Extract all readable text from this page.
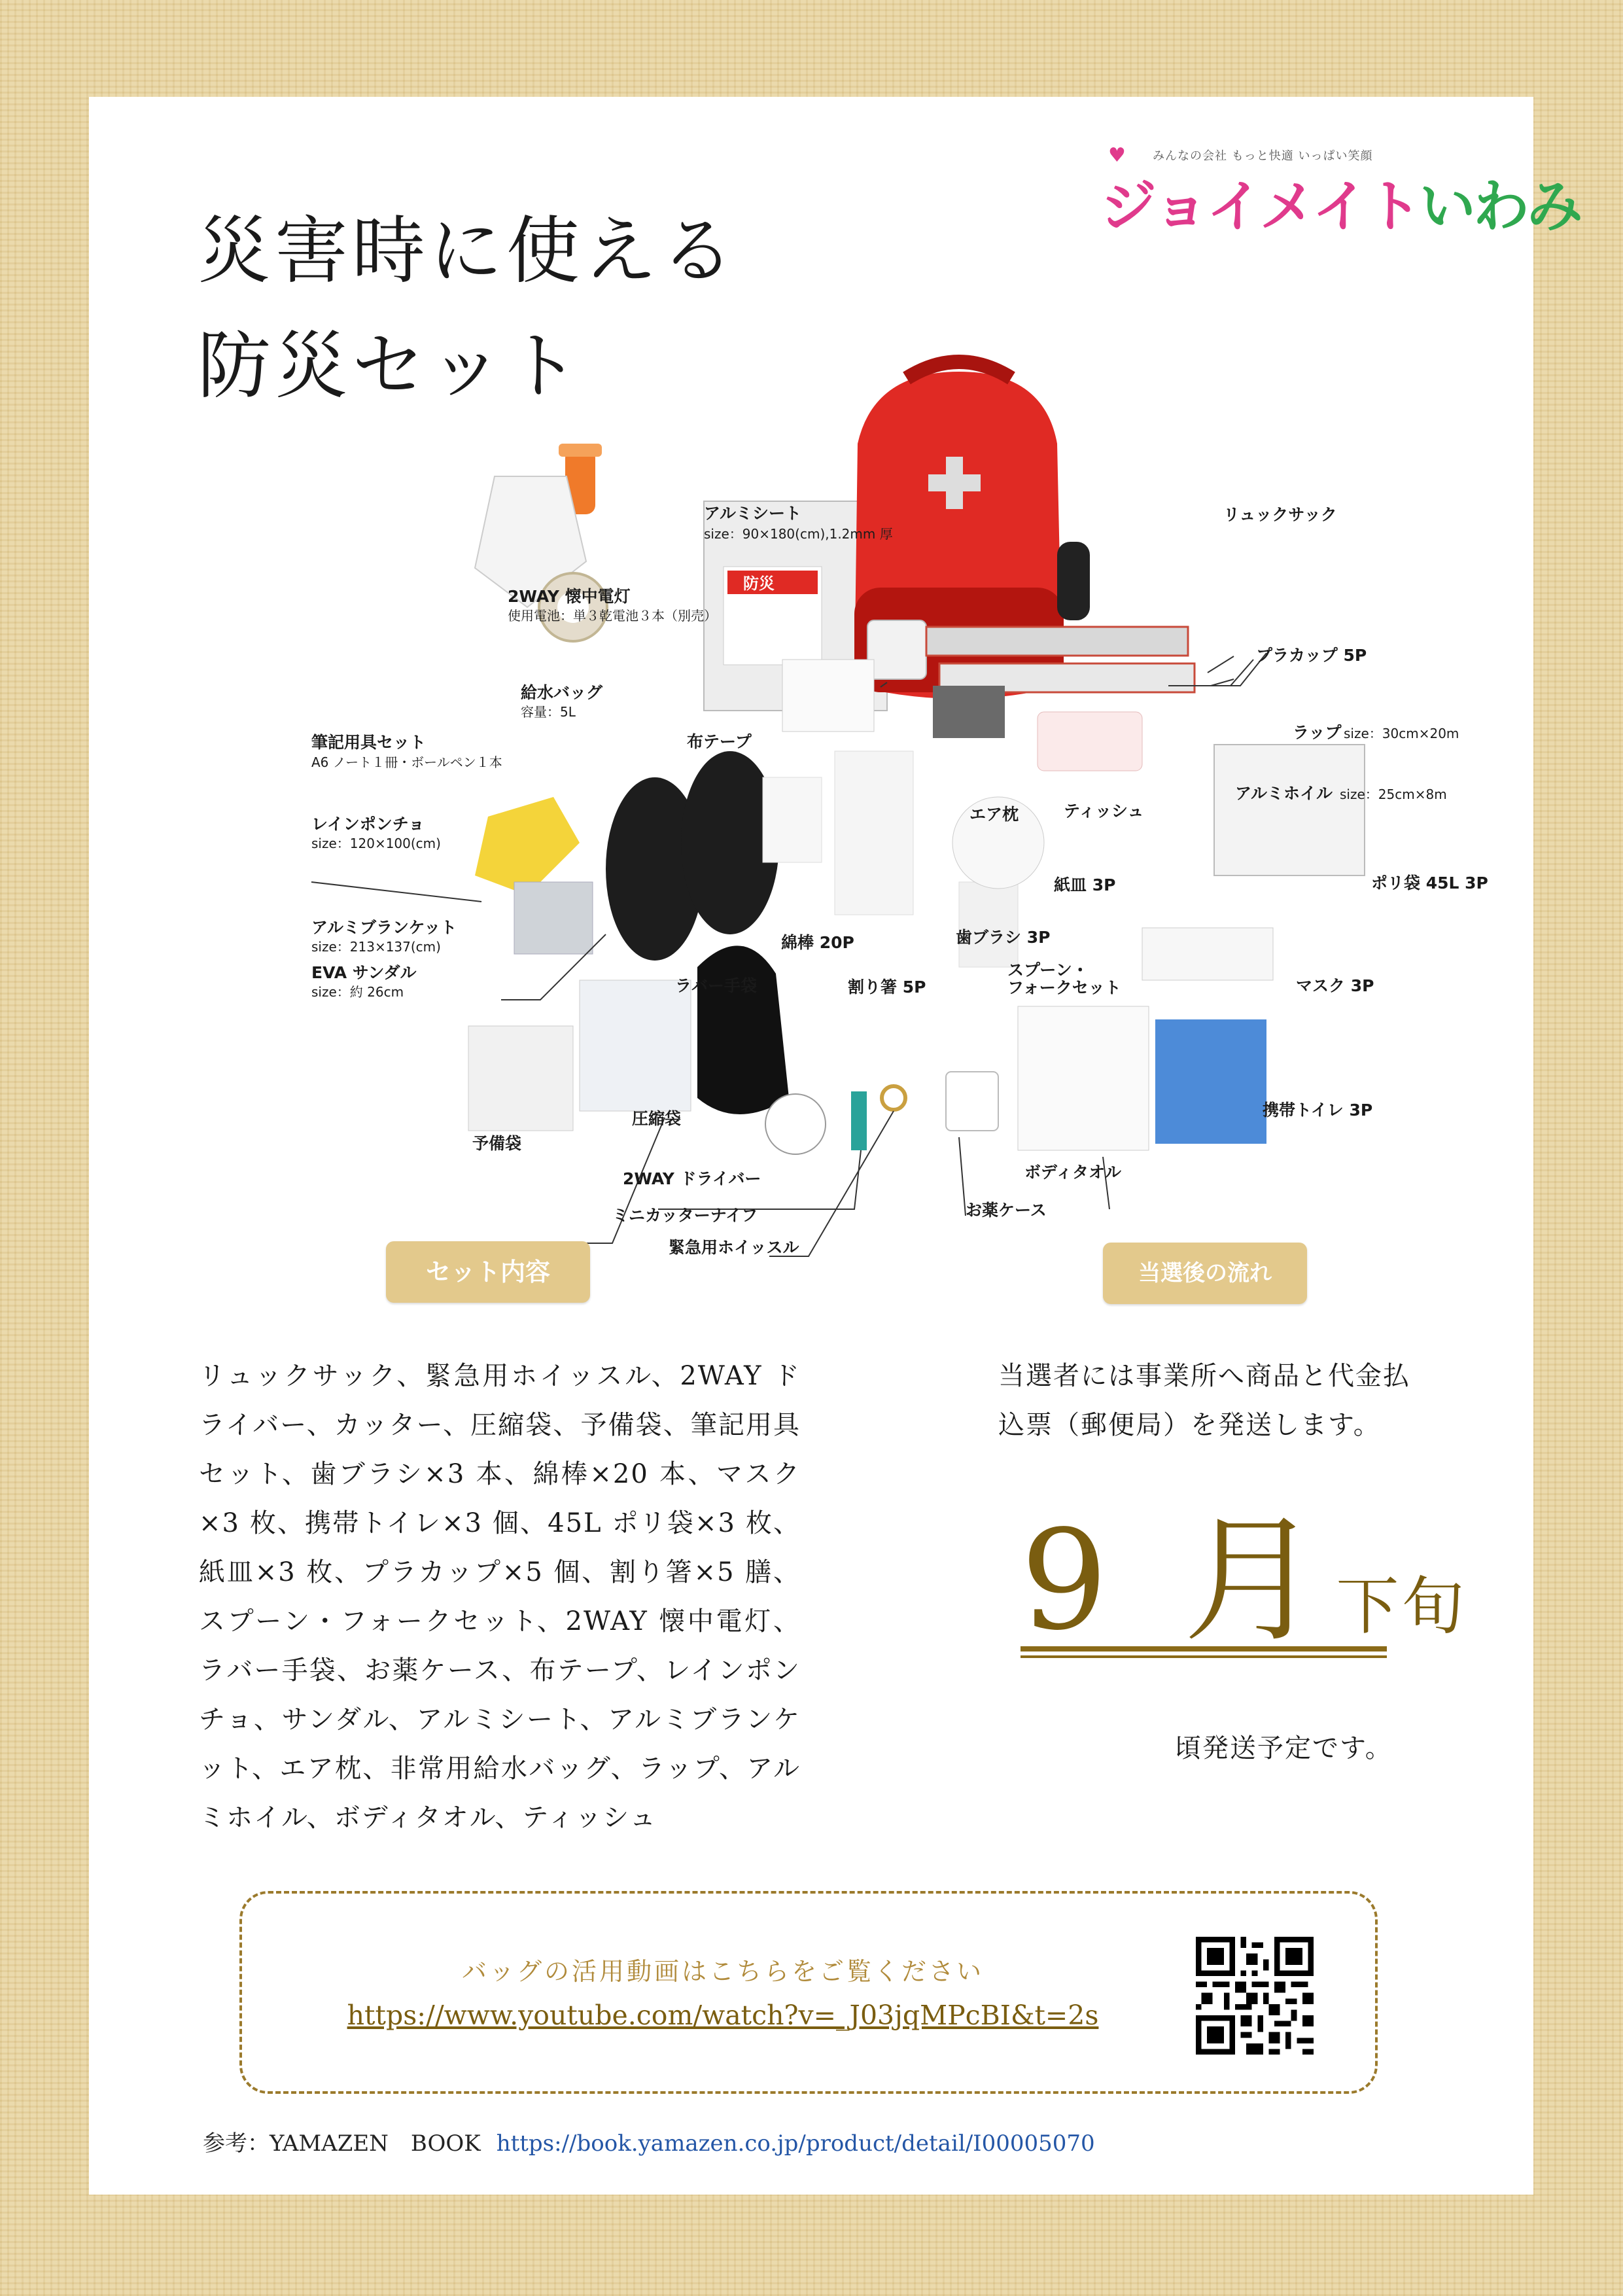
♥ みんなの会社 もっと快適 いっぱい笑顔
ジョイメイトいわみ
災害時に使える
防災セット
防災
アルミシート
size：90×180(cm),1.2mm 厚
リュックサック
2WAY 懐中電灯
使用電池：単３乾電池３本（別売）
プラカップ 5P
給水バッグ
容量：5L
布テープ	ラップ size：30cm×20m
筆記用具セット
A6 ノート１冊・ボールペン１本
エア枕	ティッシュ
アルミホイル size：25cm×8m
レインポンチョ
size：120×100(cm)
紙皿 3P	ポリ袋 45L 3P
アルミブランケット
size：213×137(cm)	綿棒 20P	歯ブラシ 3P
EVA サンダル
size：約 26cm	ラバー手袋	割り箸 5P
スプーン・
フォークセット	マスク 3P
予備袋
圧縮袋	携帯トイレ 3P
2WAY ドライバー	ボディタオル
ミニカッターナイフ	お薬ケース
緊急用ホイッスル
セット内容	当選後の流れ

リュックサック、緊急用ホイッスル、2WAY ドライバー、カッター、圧縮袋、予備袋、筆記用具セット、歯ブラシ×3 本、綿棒×20 本、マスク×3 枚、携帯トイレ×3 個、45L ポリ袋×3 枚、紙皿×3 枚、プラカップ×5 個、割り箸×5 膳、スプーン・フォークセット、2WAY 懐中電灯、ラバー手袋、お薬ケース、布テープ、レインポンチョ、サンダル、アルミシート、アルミブランケット、エア枕、非常用給水バッグ、ラップ、アルミホイル、ボディタオル、ティッシュ

当選者には事業所へ商品と代金払込票（郵便局）を発送します。

9 月下旬
頃発送予定です。
バッグの活用動画はこちらをご覧ください
https://www.youtube.com/watch?v=_J03jqMPcBI&t=2s
参考：YAMAZEN　BOOK https://book.yamazen.co.jp/product/detail/I00005070
